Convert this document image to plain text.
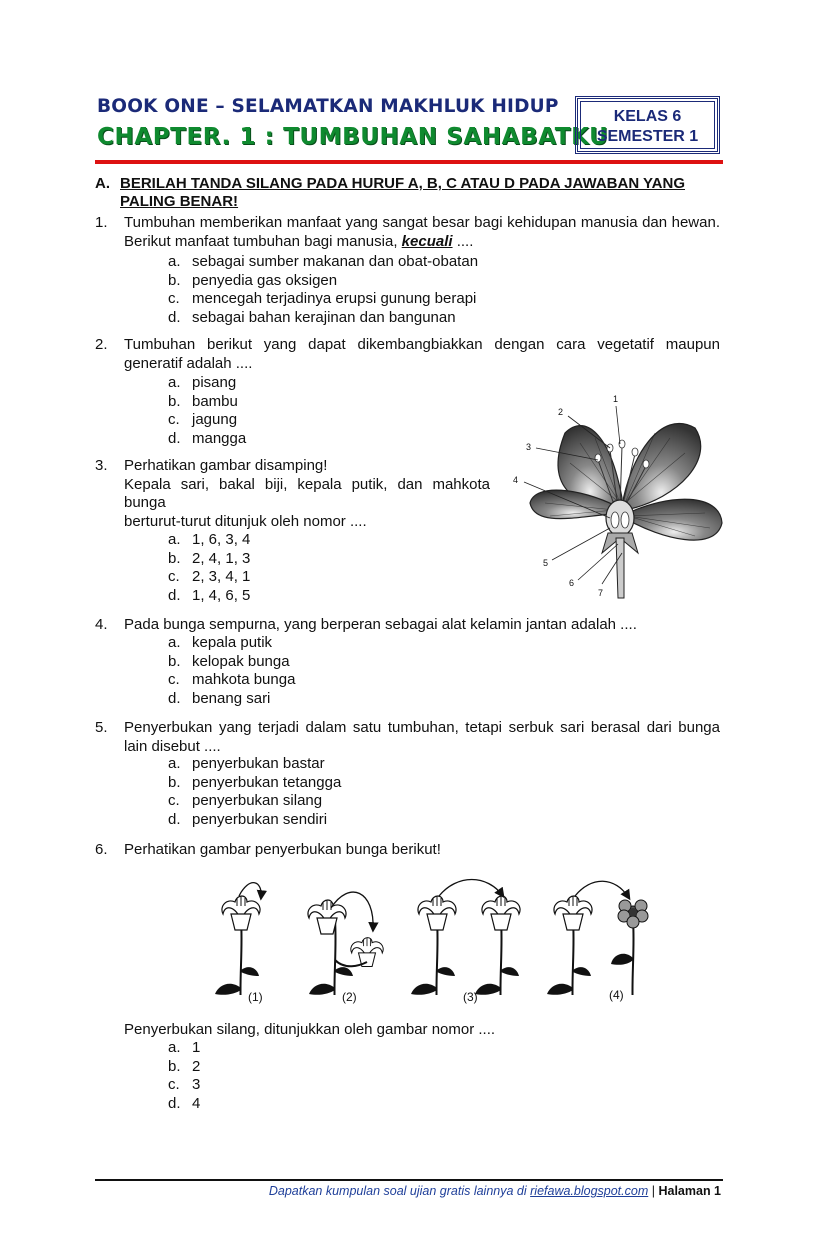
BOOK ONE – SELAMATKAN MAKHLUK HIDUP
CHAPTER. 1 : TUMBUHAN SAHABATKU
KELAS 6
SEMESTER 1
A. BERILAH TANDA SILANG PADA HURUF A, B, C ATAU D PADA JAWABAN YANG PALING BENAR!
1. Tumbuhan memberikan manfaat yang sangat besar bagi kehidupan manusia dan hewan. Berikut manfaat tumbuhan bagi manusia, kecuali ....
a. sebagai sumber makanan dan obat-obatan
b. penyedia gas oksigen
c. mencegah terjadinya erupsi gunung berapi
d. sebagai bahan kerajinan dan bangunan
2. Tumbuhan berikut yang dapat dikembangbiakkan dengan cara vegetatif maupun generatif adalah ....
a. pisang
b. bambu
c. jagung
d. mangga
3. Perhatikan gambar disamping!
Kepala sari, bakal biji, kepala putik, dan mahkota
bunga
berturut-turut ditunjuk oleh nomor ....
a. 1, 6, 3, 4
b. 2, 4, 1, 3
c. 2, 3, 4, 1
d. 1, 4, 6, 5
1
2
3
4
5
6
7
4. Pada bunga sempurna, yang berperan sebagai alat kelamin jantan adalah ....
a. kepala putik
b. kelopak bunga
c. mahkota bunga
d. benang sari
5. Penyerbukan yang terjadi dalam satu tumbuhan, tetapi serbuk sari berasal dari bunga lain disebut ....
a. penyerbukan bastar
b. penyerbukan tetangga
c. penyerbukan silang
d. penyerbukan sendiri
6. Perhatikan gambar penyerbukan bunga berikut!
(1)	(2)	(3)	(4)
Penyerbukan silang, ditunjukkan oleh gambar nomor ....
a. 1
b. 2
c. 3
d. 4
Dapatkan kumpulan soal ujian gratis lainnya di riefawa.blogspot.com | Halaman 1
